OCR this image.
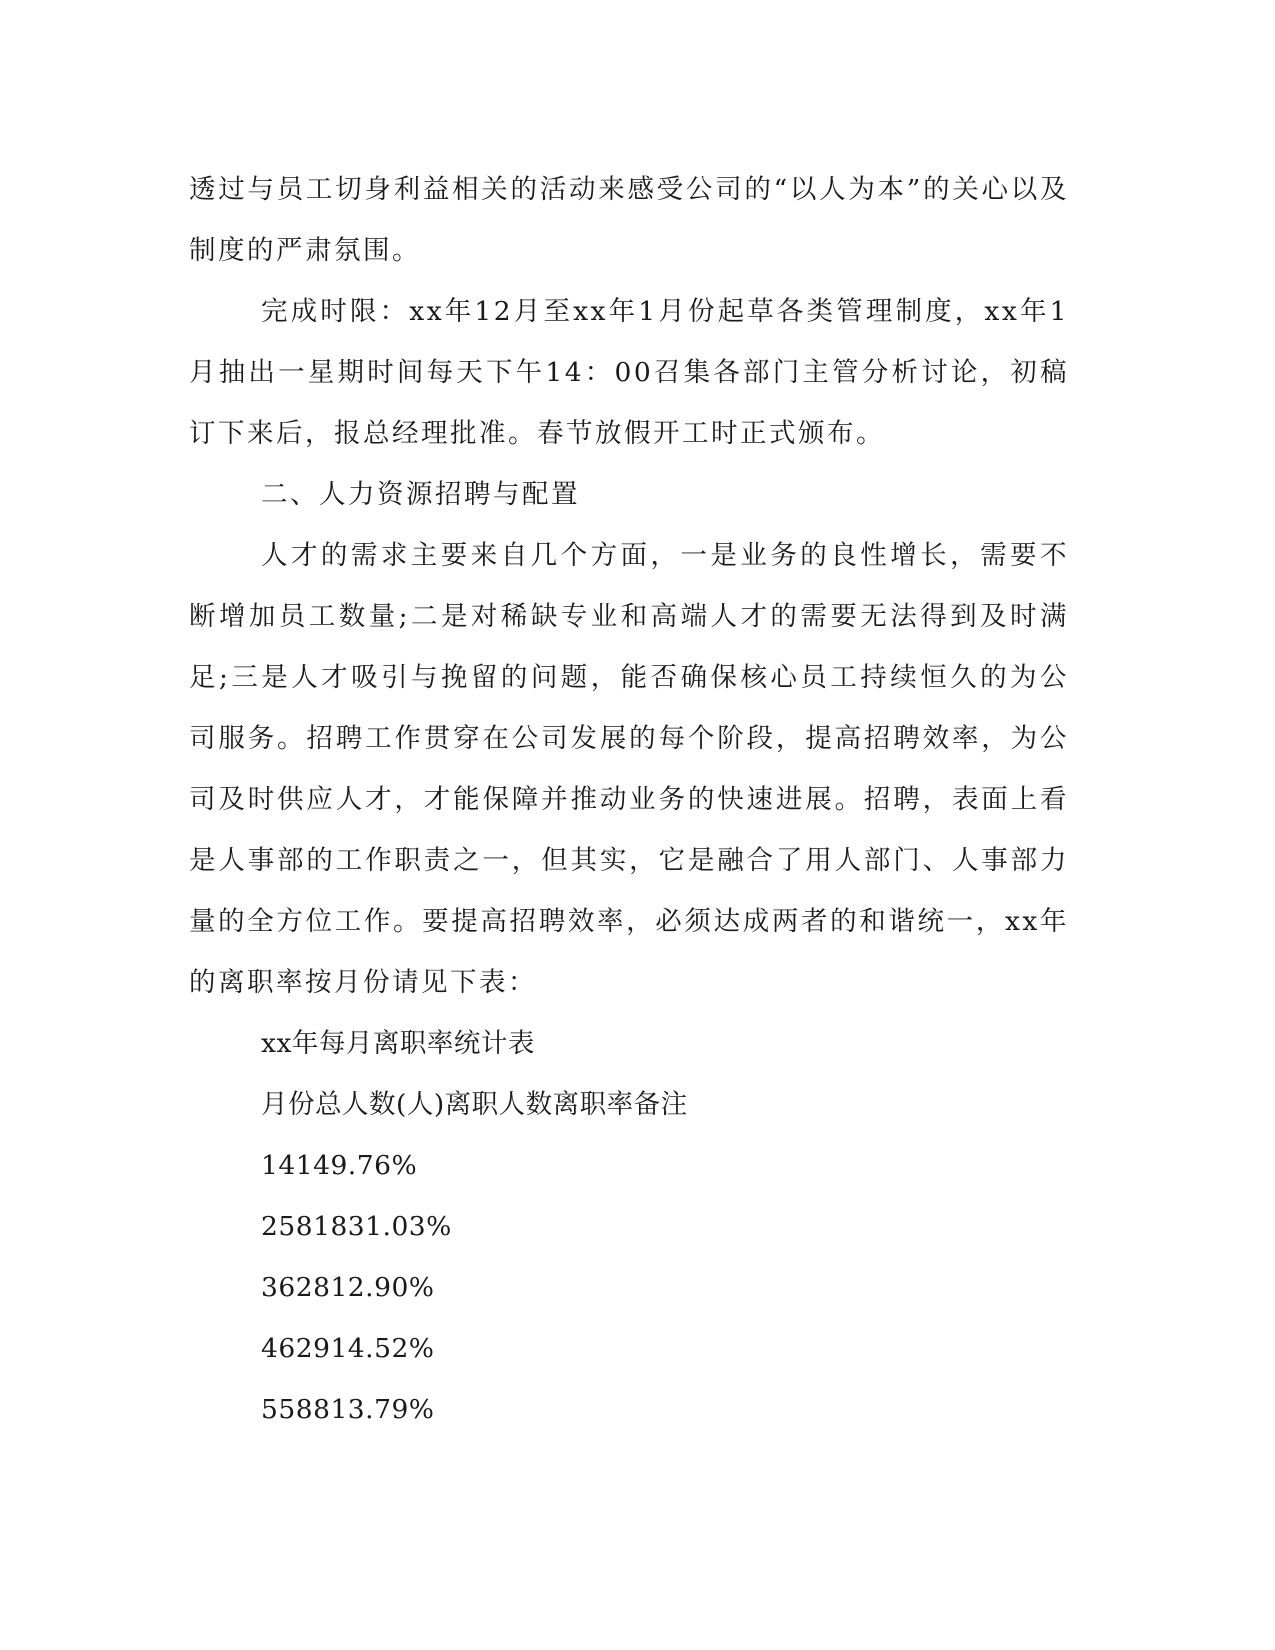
透过与员工切身利益相关的活动来感受公司的“以人为本”的关心以及制度的严肃氛围。

完成时限：xx年12月至xx年1月份起草各类管理制度，xx年1月抽出一星期时间每天下午14：00召集各部门主管分析讨论，初稿订下来后，报总经理批准。春节放假开工时正式颁布。

二、人力资源招聘与配置

人才的需求主要来自几个方面，一是业务的良性增长，需要不断增加员工数量;二是对稀缺专业和高端人才的需要无法得到及时满足;三是人才吸引与挽留的问题，能否确保核心员工持续恒久的为公司服务。招聘工作贯穿在公司发展的每个阶段，提高招聘效率，为公司及时供应人才，才能保障并推动业务的快速进展。招聘，表面上看是人事部的工作职责之一，但其实，它是融合了用人部门、人事部力量的全方位工作。要提高招聘效率，必须达成两者的和谐统一，xx年的离职率按月份请见下表：

xx年每月离职率统计表
月份总人数(人)离职人数离职率备注
14149.76%
2581831.03%
362812.90%
462914.52%
558813.79%
